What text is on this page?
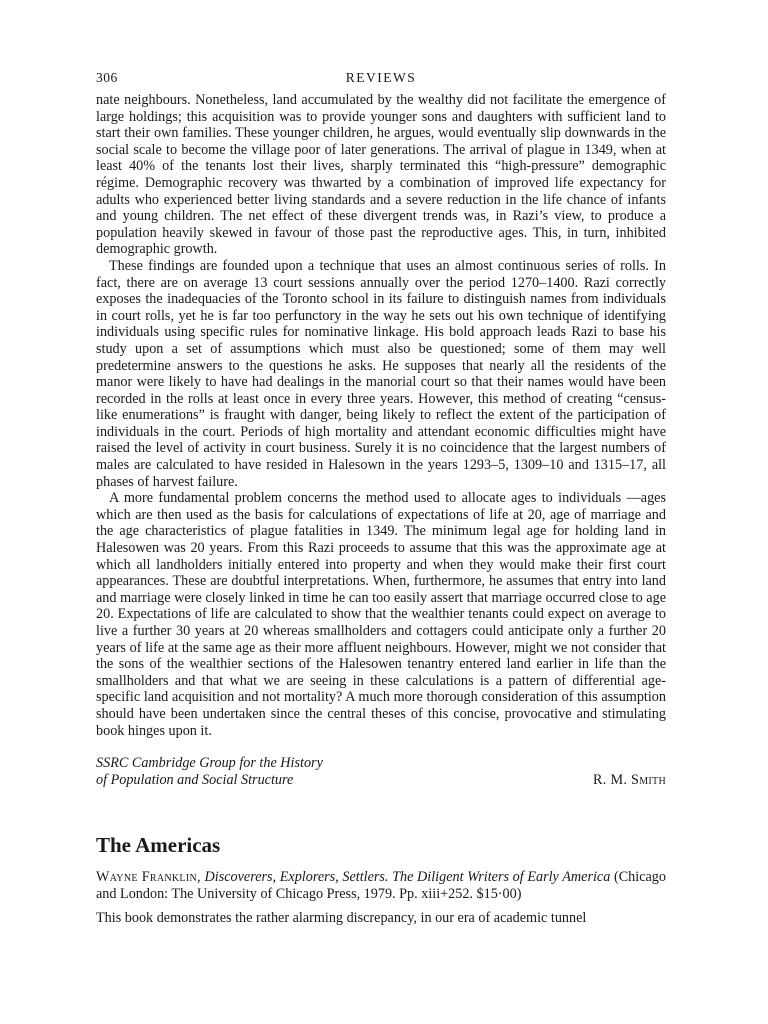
306	REVIEWS

nate neighbours. Nonetheless, land accumulated by the wealthy did not facilitate the emergence of large holdings; this acquisition was to provide younger sons and daughters with sufficient land to start their own families. These younger children, he argues, would eventually slip downwards in the social scale to become the village poor of later generations. The arrival of plague in 1349, when at least 40% of the tenants lost their lives, sharply terminated this “high-pressure” demographic régime. Demographic recovery was thwarted by a combination of improved life expectancy for adults who experienced better living standards and a severe reduction in the life chance of infants and young children. The net effect of these divergent trends was, in Razi’s view, to produce a population heavily skewed in favour of those past the reproductive ages. This, in turn, inhibited demographic growth.

These findings are founded upon a technique that uses an almost continuous series of rolls. In fact, there are on average 13 court sessions annually over the period 1270–1400. Razi correctly exposes the inadequacies of the Toronto school in its failure to distinguish names from individuals in court rolls, yet he is far too perfunctory in the way he sets out his own technique of identifying individuals using specific rules for nominative linkage. His bold approach leads Razi to base his study upon a set of assumptions which must also be questioned; some of them may well predetermine answers to the questions he asks. He supposes that nearly all the residents of the manor were likely to have had dealings in the manorial court so that their names would have been recorded in the rolls at least once in every three years. However, this method of creating “census-like enumerations” is fraught with danger, being likely to reflect the extent of the participation of individuals in the court. Periods of high mortality and attendant economic difficulties might have raised the level of activity in court business. Surely it is no coincidence that the largest numbers of males are calculated to have resided in Halesown in the years 1293–5, 1309–10 and 1315–17, all phases of harvest failure.

A more fundamental problem concerns the method used to allocate ages to individuals —ages which are then used as the basis for calculations of expectations of life at 20, age of marriage and the age characteristics of plague fatalities in 1349. The minimum legal age for holding land in Halesowen was 20 years. From this Razi proceeds to assume that this was the approximate age at which all landholders initially entered into property and when they would make their first court appearances. These are doubtful interpretations. When, furthermore, he assumes that entry into land and marriage were closely linked in time he can too easily assert that marriage occurred close to age 20. Expectations of life are calculated to show that the wealthier tenants could expect on average to live a further 30 years at 20 whereas smallholders and cottagers could anticipate only a further 20 years of life at the same age as their more affluent neighbours. However, might we not consider that the sons of the wealthier sections of the Halesowen tenantry entered land earlier in life than the smallholders and that what we are seeing in these calculations is a pattern of differential age-specific land acquisition and not mortality? A much more thorough consideration of this assumption should have been undertaken since the central theses of this concise, provocative and stimulating book hinges upon it.

SSRC Cambridge Group for the History
of Population and Social Structure	R. M. Smith
The Americas

Wayne Franklin, Discoverers, Explorers, Settlers. The Diligent Writers of Early America (Chicago and London: The University of Chicago Press, 1979. Pp. xiii+252. $15·00)

This book demonstrates the rather alarming discrepancy, in our era of academic tunnel
